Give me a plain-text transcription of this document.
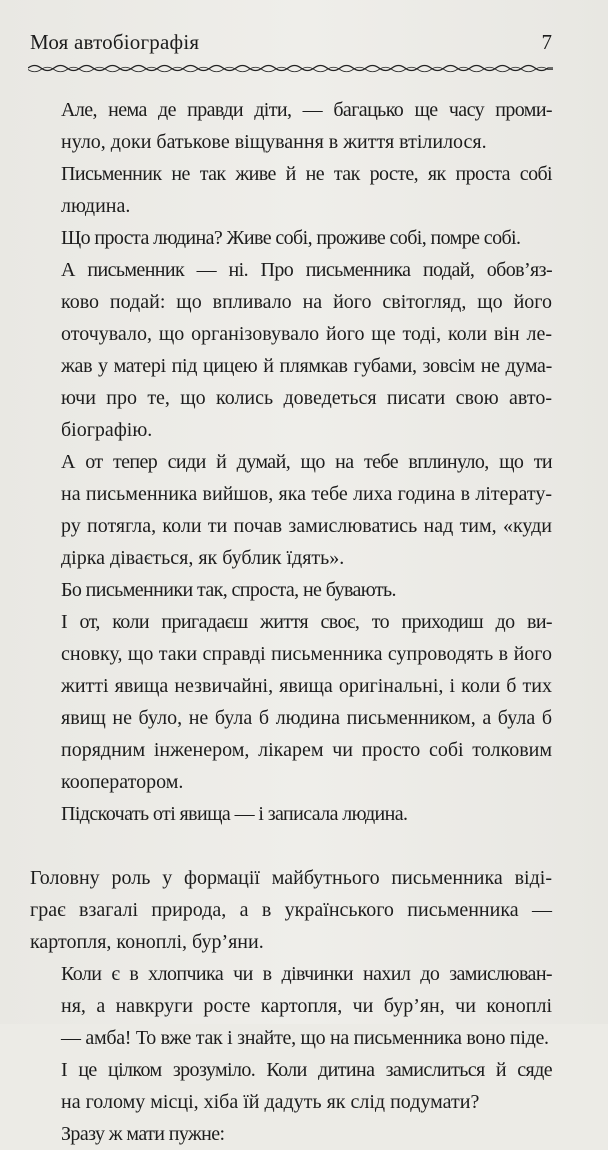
Моя автобіографія	7

Але, нема де правди діти, — багацько ще часу проми-
нуло, доки батькове віщування в життя втілилося.

Письменник не так живе й не так росте, як проста собі
людина.

Що проста людина? Живе собі, проживе собі, помре собі.

А письменник — ні. Про письменника подай, обов’яз-
ково подай: що впливало на його світогляд, що його
оточувало, що організовувало його ще тоді, коли він ле-
жав у матері під цицею й плямкав губами, зовсім не дума-
ючи про те, що колись доведеться писати свою авто-
біографію.

А от тепер сиди й думай, що на тебе вплинуло, що ти
на письменника вийшов, яка тебе лиха година в літерату-
ру потягла, коли ти почав замислюватись над тим, «куди
дірка дівається, як бублик їдять».

Бо письменники так, спроста, не бувають.

І от, коли пригадаєш життя своє, то приходиш до ви-
сновку, що таки справді письменника супроводять в його
житті явища незвичайні, явища оригінальні, і коли б тих
явищ не було, не була б людина письменником, а була б
порядним інженером, лікарем чи просто собі толковим
кооператором.

Підскочать оті явища — і записала людина.

Головну роль у формації майбутнього письменника віді-
грає взагалі природа, а в українського письменника —
картопля, коноплі, бур’яни.

Коли є в хлопчика чи в дівчинки нахил до замислюван-
ня, а навкруги росте картопля, чи бур’ян, чи коноплі
— амба! То вже так і знайте, що на письменника воно піде.

І це цілком зрозуміло. Коли дитина замислиться й сяде
на голому місці, хіба їй дадуть як слід подумати?

Зразу ж мати пужне:
